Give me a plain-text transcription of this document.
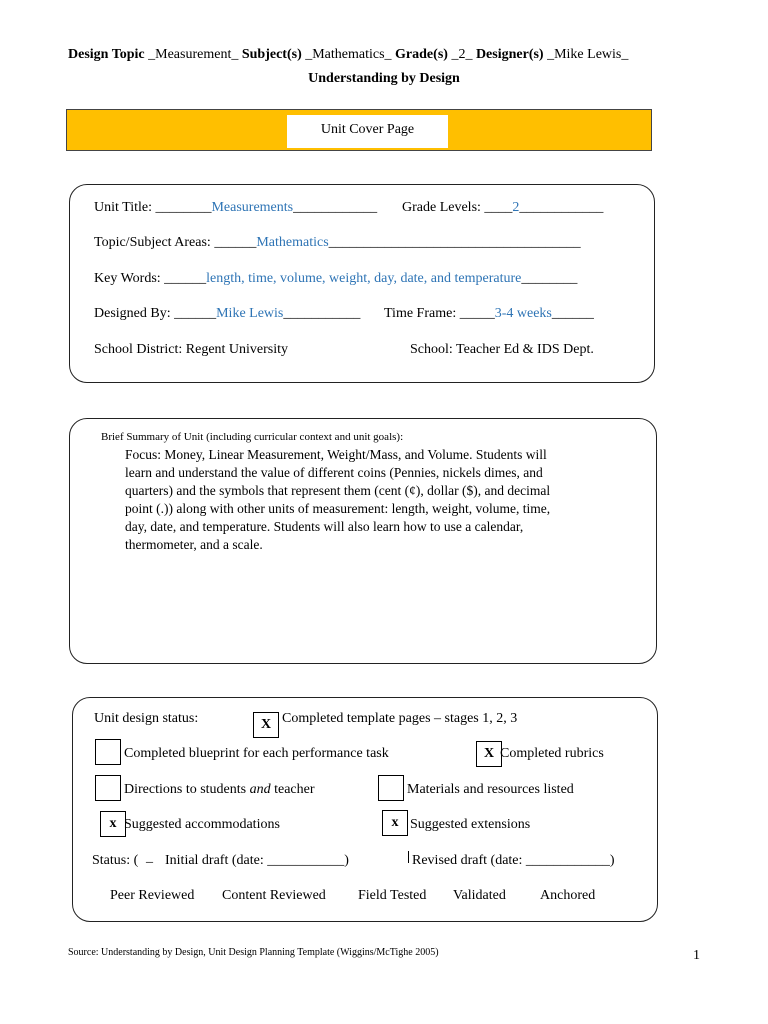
Design Topic _Measurement_ Subject(s) _Mathematics_ Grade(s) _2_ Designer(s) _Mike Lewis_
Understanding by Design
Unit Cover Page
Unit Title: ________Measurements____________ Grade Levels: ____2____________
Topic/Subject Areas: ______Mathematics____________________________________
Key Words: ______length, time, volume, weight, day, date, and temperature________
Designed By: ______Mike Lewis___________ Time Frame: _____3-4 weeks______
School District: Regent University	School: Teacher Ed & IDS Dept.
Brief Summary of Unit (including curricular context and unit goals):
Focus: Money, Linear Measurement, Weight/Mass, and Volume. Students will
learn and understand the value of different coins (Pennies, nickels dimes, and
quarters) and the symbols that represent them (cent (¢), dollar ($), and decimal
point (.)) along with other units of measurement: length, weight, volume, time,
day, date, and temperature. Students will also learn how to use a calendar,
thermometer, and a scale.
Unit design status:	X Completed template pages – stages 1, 2, 3
Completed blueprint for each performance task	X Completed rubrics
Directions to students and teacher	Materials and resources listed
x Suggested accommodations	x Suggested extensions
Status: ( _ Initial draft (date: ___________)	Revised draft (date: ____________)
Peer Reviewed Content Reviewed Field Tested Validated Anchored
Source: Understanding by Design, Unit Design Planning Template (Wiggins/McTighe 2005)	1
